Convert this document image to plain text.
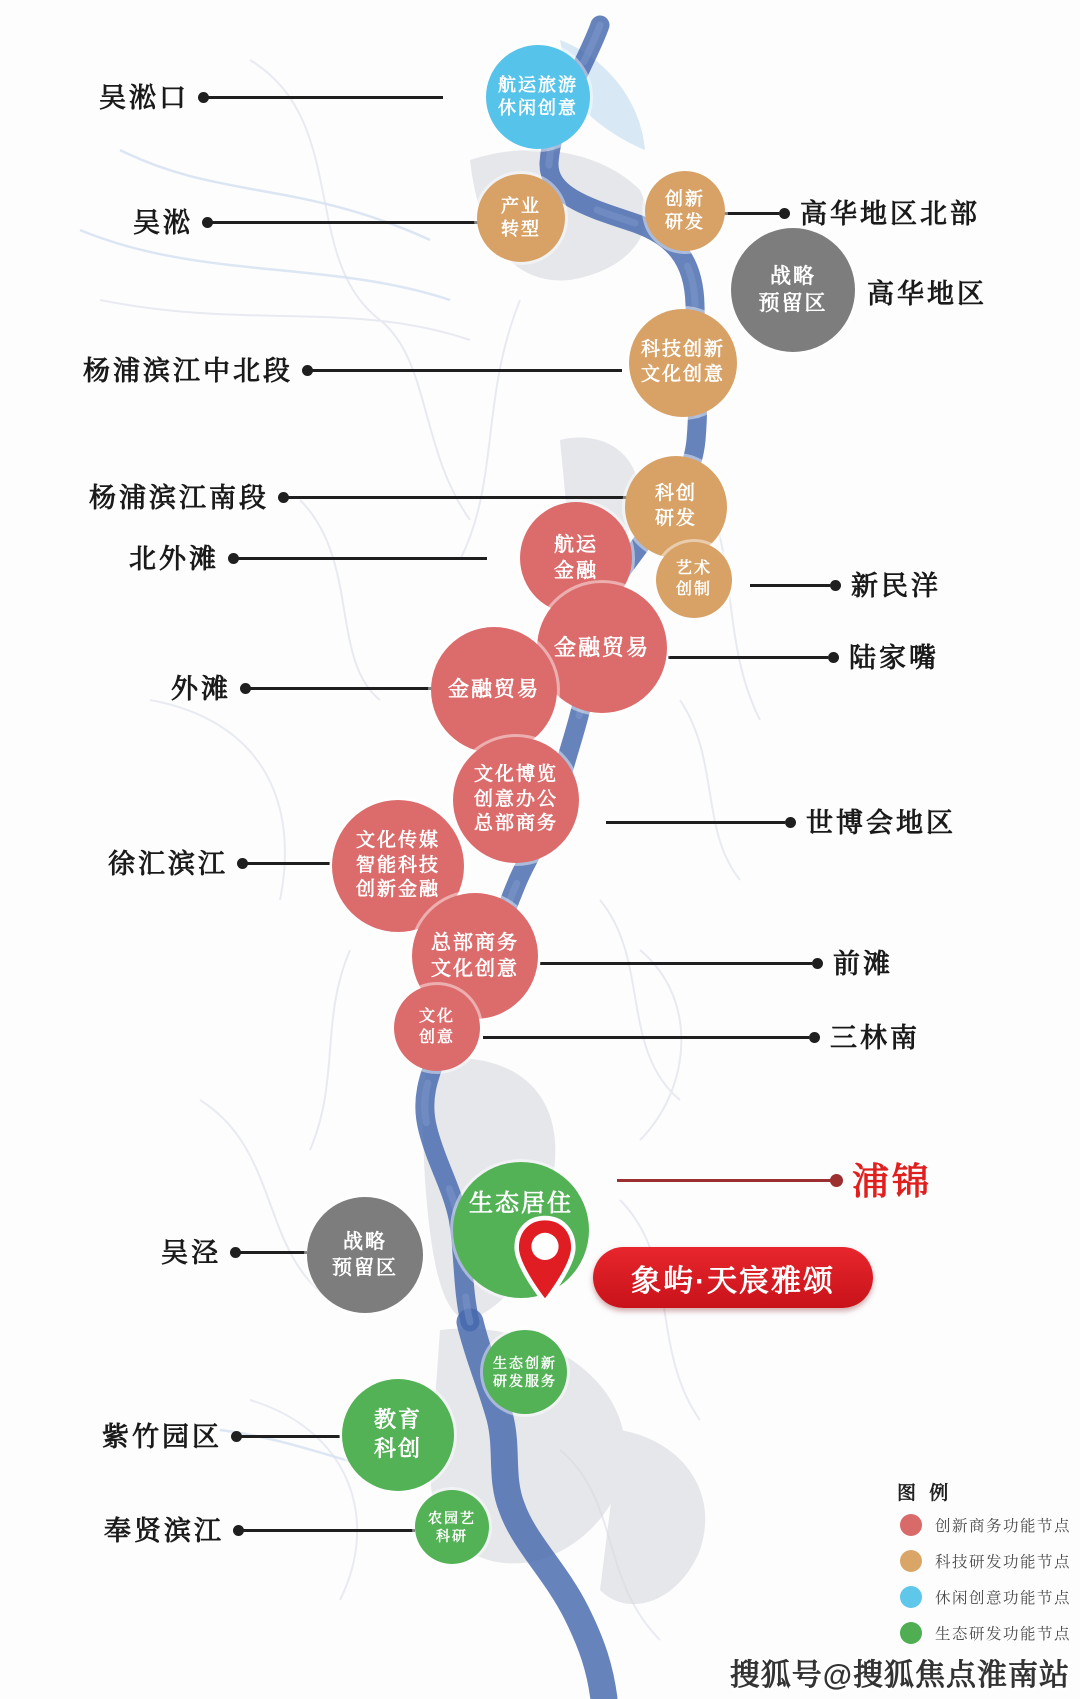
象屿·天宸雅颂
图 例
创新商务功能节点
科技研发功能节点
休闲创意功能节点
生态研发功能节点
搜狐号@搜狐焦点淮南站
航运旅游
休闲创意
产业
转型
创新
研发
战略
预留区
科技创新
文化创意
科创
研发
艺术
创制
航运
金融
金融贸易
金融贸易
文化博览
创意办公
总部商务
文化传媒
智能科技
创新金融
总部商务
文化创意
文化
创意
生态居住
战略
预留区
生态创新
研发服务
教育
科创
农园艺
科研
吴淞口
吴淞
杨浦滨江中北段
杨浦滨江南段
北外滩
外滩
徐汇滨江
吴泾
紫竹园区
奉贤滨江
高华地区北部
高华地区
新民洋
陆家嘴
世博会地区
前滩
三林南
浦锦
